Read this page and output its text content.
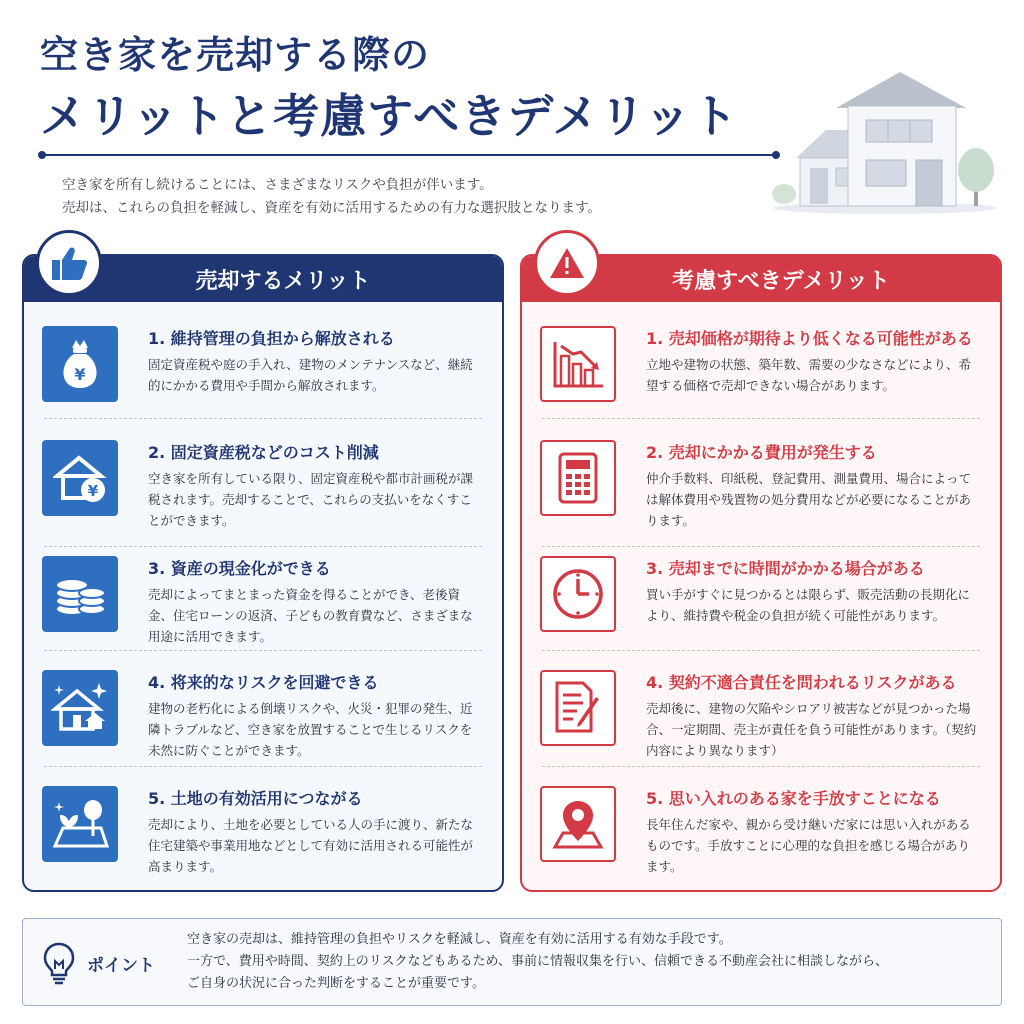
空き家を売却する際の
メリットと考慮すべきデメリット
空き家を所有し続けることには、さまざまなリスクや負担が伴います。
売却は、これらの負担を軽減し、資産を有効に活用するための有力な選択肢となります。
売却するメリット
¥
1. 維持管理の負担から解放される
固定資産税や庭の手入れ、建物のメンテナンスなど、継続的にかかる費用や手間から解放されます。
¥
2. 固定資産税などのコスト削減
空き家を所有している限り、固定資産税や都市計画税が課税されます。売却することで、これらの支払いをなくすことができます。
3. 資産の現金化ができる
売却によってまとまった資金を得ることができ、老後資金、住宅ローンの返済、子どもの教育費など、さまざまな用途に活用できます。
4. 将来的なリスクを回避できる
建物の老朽化による倒壊リスクや、火災・犯罪の発生、近隣トラブルなど、空き家を放置することで生じるリスクを未然に防ぐことができます。
5. 土地の有効活用につながる
売却により、土地を必要としている人の手に渡り、新たな住宅建築や事業用地などとして有効に活用される可能性が高まります。
考慮すべきデメリット
1. 売却価格が期待より低くなる可能性がある
立地や建物の状態、築年数、需要の少なさなどにより、希望する価格で売却できない場合があります。
2. 売却にかかる費用が発生する
仲介手数料、印紙税、登記費用、測量費用、場合によっては解体費用や残置物の処分費用などが必要になることがあります。
3. 売却までに時間がかかる場合がある
買い手がすぐに見つかるとは限らず、販売活動の長期化により、維持費や税金の負担が続く可能性があります。
4. 契約不適合責任を問われるリスクがある
売却後に、建物の欠陥やシロアリ被害などが見つかった場合、一定期間、売主が責任を負う可能性があります。（契約内容により異なります）
5. 思い入れのある家を手放すことになる
長年住んだ家や、親から受け継いだ家には思い入れがあるものです。手放すことに心理的な負担を感じる場合があります。
ポイント
空き家の売却は、維持管理の負担やリスクを軽減し、資産を有効に活用する有効な手段です。
一方で、費用や時間、契約上のリスクなどもあるため、事前に情報収集を行い、信頼できる不動産会社に相談しながら、
ご自身の状況に合った判断をすることが重要です。
